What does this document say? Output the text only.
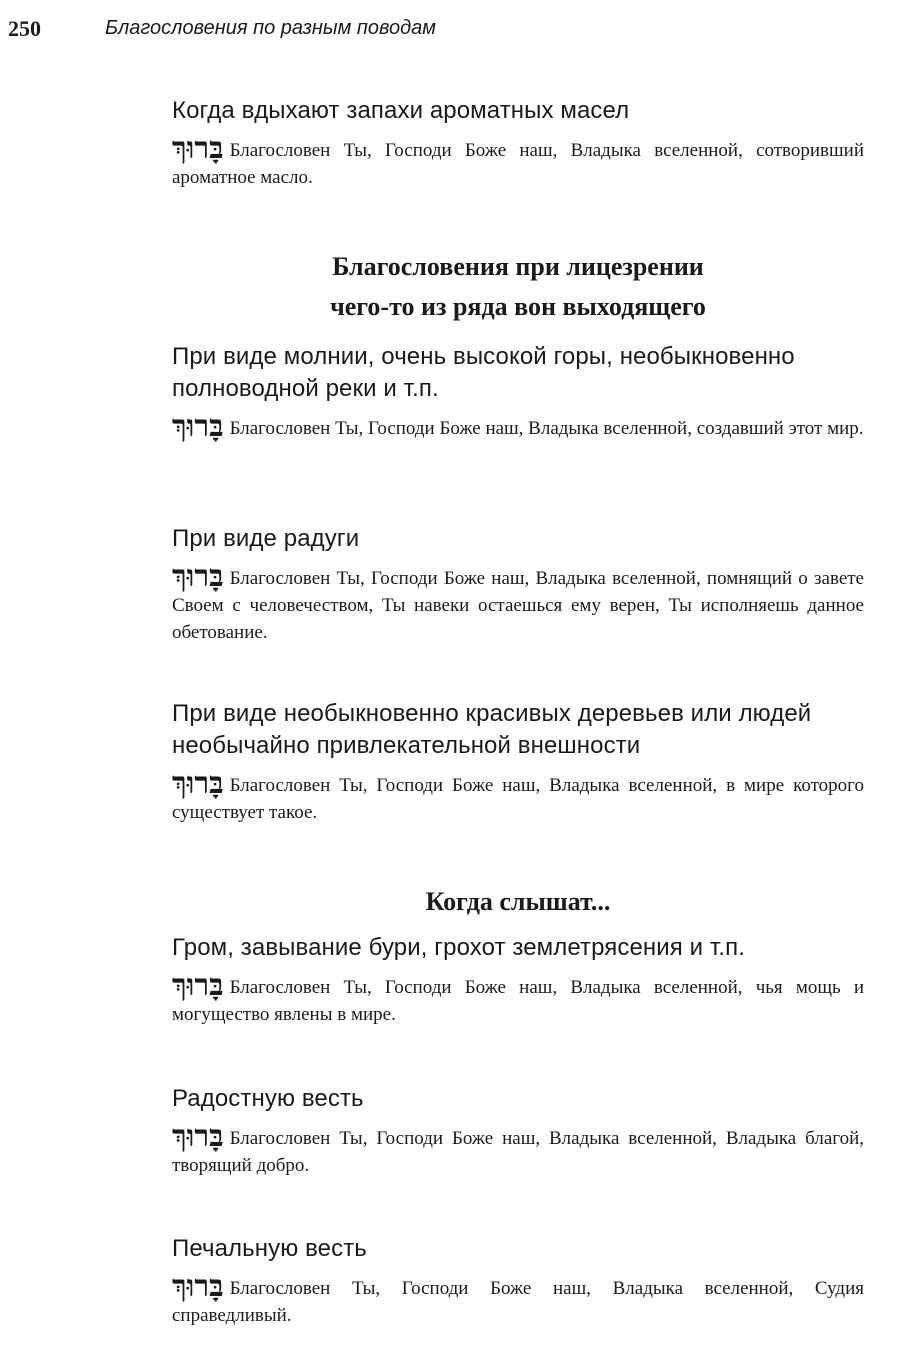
250	Благословения по разным поводам

Когда вдыхают запахи ароматных масел

בָּרוּךְ Благословен Ты, Господи Боже наш, Владыка вселенной, сотворивший ароматное масло.

Благословения при лицезрении
чего-то из ряда вон выходящего

При виде молнии, очень высокой горы, необыкновенно полноводной реки и т.п.

בָּרוּךְ Благословен Ты, Господи Боже наш, Владыка вселенной, создавший этот мир.

При виде радуги

בָּרוּךְ Благословен Ты, Господи Боже наш, Владыка вселенной, помнящий о завете Своем с человечеством, Ты навеки остаешься ему верен, Ты исполняешь данное обетование.

При виде необыкновенно красивых деревьев или людей необычайно привлекательной внешности

בָּרוּךְ Благословен Ты, Господи Боже наш, Владыка вселенной, в мире которого существует такое.

Когда слышат...

Гром, завывание бури, грохот землетрясения и т.п.

בָּרוּךְ Благословен Ты, Господи Боже наш, Владыка вселенной, чья мощь и могущество явлены в мире.

Радостную весть

בָּרוּךְ Благословен Ты, Господи Боже наш, Владыка вселенной, Владыка благой, творящий добро.

Печальную весть

בָּרוּךְ Благословен Ты, Господи Боже наш, Владыка вселенной, Судия справедливый.
